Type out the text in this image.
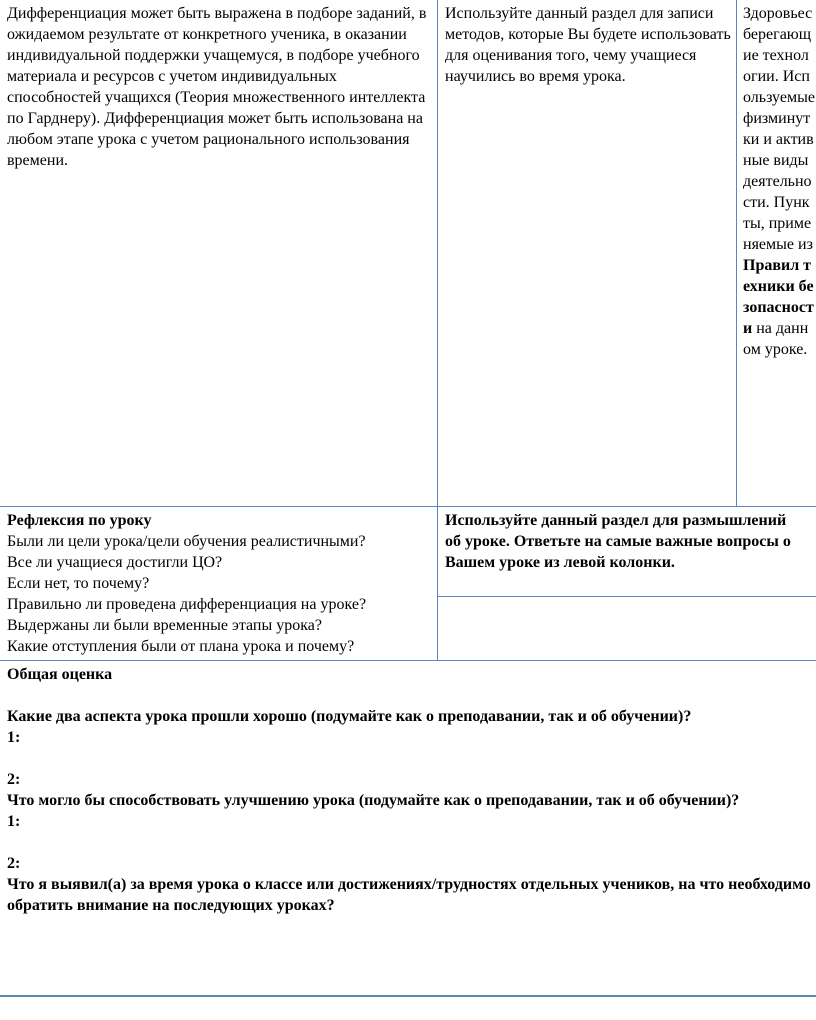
Дифференциация может быть выражена в подборе заданий, в ожидаемом результате от конкретного ученика, в оказании индивидуальной поддержки учащемуся, в подборе учебного материала и ресурсов с учетом индивидуальных способностей учащихся (Теория множественного интеллекта по Гарднеру). Дифференциация может быть использована на любом этапе урока с учетом рационального использования времени.

Используйте данный раздел для записи методов, которые Вы будете использовать для оценивания того, чему учащиеся научились во время урока.

Здоровьесберегающие технологии. Используемые физминутки и активные виды деятельности. Пункты, применяемые из Правил техники безопасности на данном уроке.

Рефлексия по уроку

Были ли цели урока/цели обучения реалистичными?

Все ли учащиеся достигли ЦО?

Если нет, то почему?

Правильно ли проведена дифференциация на уроке?

Выдержаны ли были временные этапы урока?

Какие отступления были от плана урока и почему?

Используйте данный раздел для размышлений об уроке. Ответьте на самые важные вопросы о Вашем уроке из левой колонки.

Общая оценка

Какие два аспекта урока прошли хорошо (подумайте как о преподавании, так и об обучении)?

1:

2:

Что могло бы способствовать улучшению урока (подумайте как о преподавании, так и об обучении)?

1:

2:

Что я выявил(а) за время урока о классе или достижениях/трудностях отдельных учеников, на что необходимо обратить внимание на последующих уроках?
